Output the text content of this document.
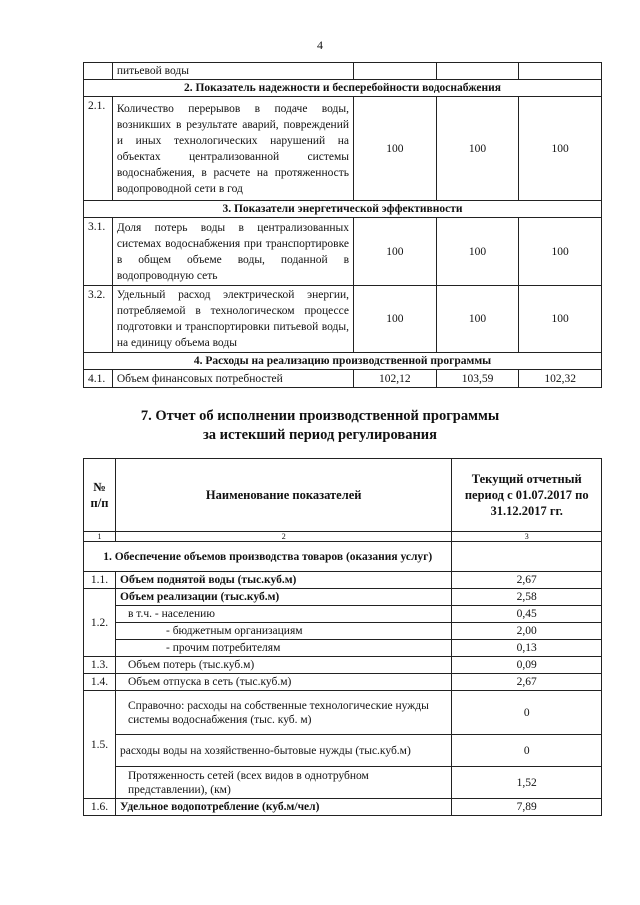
4
	питьевой воды			
2. Показатель надежности и бесперебойности водоснабжения				
2.1.	Количество перерывов в подаче воды, возникших в результате аварий, повреждений и иных технологических нарушений на объектах централизованной системы водоснабжения, в расчете на протяженность водопроводной сети в год	100	100	100
3. Показатели энергетической эффективности				
3.1.	Доля потерь воды в централизованных системах водоснабжения при транспортировке в общем объеме воды, поданной в водопроводную сеть	100	100	100
3.2.	Удельный расход электрической энергии, потребляемой в технологическом процессе подготовки и транспортировки питьевой воды, на единицу объема воды	100	100	100
4. Расходы на реализацию производственной программы				
4.1.	Объем финансовых потребностей	102,12	103,59	102,32
7. Отчет об исполнении производственной программы
за истекший период регулирования
№ п/п	Наименование показателей	Текущий отчетный период с 01.07.2017 по 31.12.2017 гг.
1	2	3
1. Обеспечение объемов производства товаров (оказания услуг)		
1.1.	Объем поднятой воды (тыс.куб.м)	2,67
1.2.	Объем реализации (тыс.куб.м)	2,58
	в т.ч. - населению	0,45
	- бюджетным организациям	2,00
	- прочим потребителям	0,13
1.3.	Объем потерь (тыс.куб.м)	0,09
1.4.	Объем отпуска в сеть (тыс.куб.м)	2,67
1.5.	Справочно: расходы на собственные технологические нужды системы водоснабжения (тыс. куб. м)	0
	расходы воды на хозяйственно-бытовые нужды (тыс.куб.м)	0
	Протяженность сетей (всех видов в однотрубном представлении), (км)	1,52
1.6.	Удельное водопотребление (куб.м/чел)	7,89
